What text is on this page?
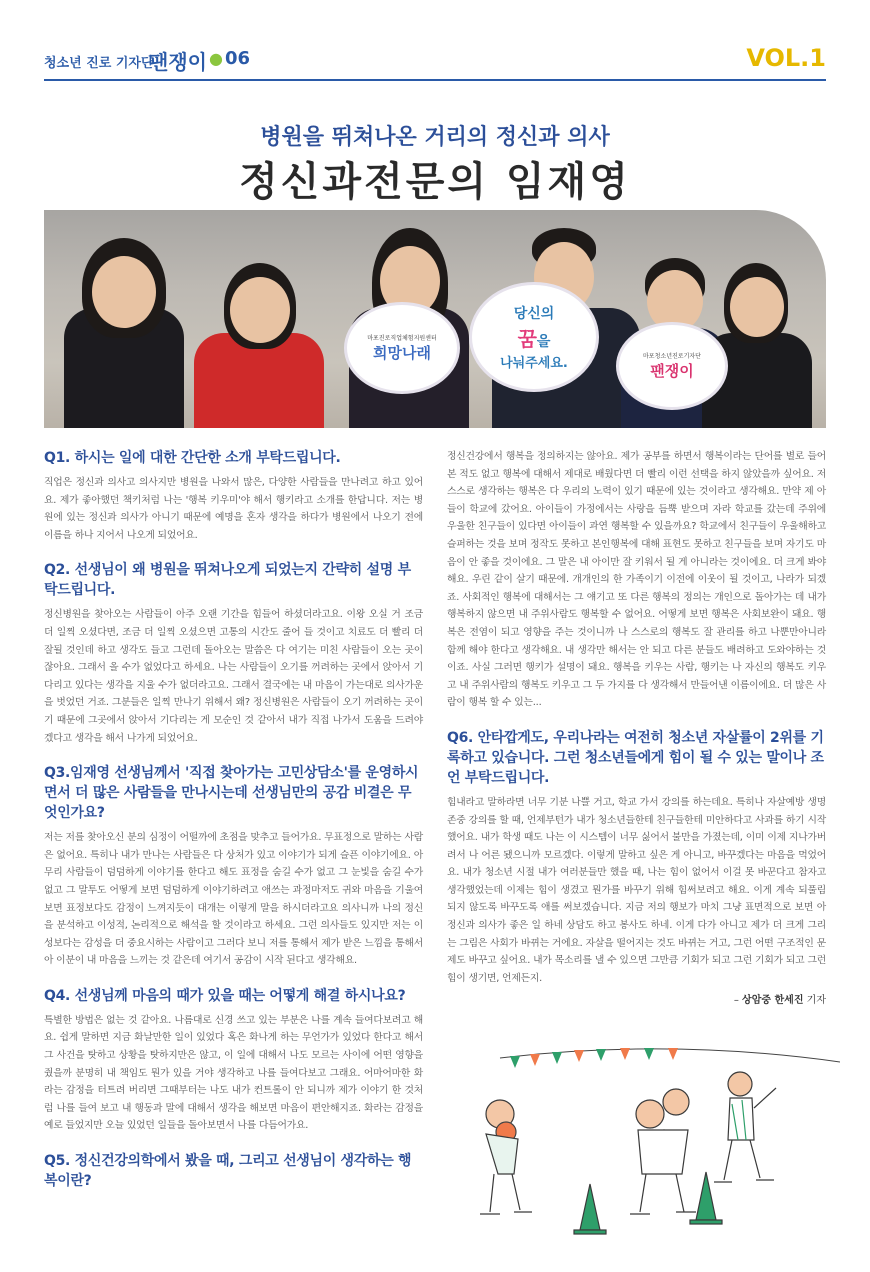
청소년 진로 기자단
팬쟁이 ● 06	VOL.1
병원을 뛰쳐나온 거리의 정신과 의사
정신과전문의 임재영
마포진로직업체험지원센터
희망나래
당신의
꿈을
나눠주세요.	마포청소년진로기자단
팬쟁이
Q1. 하시는 일에 대한 간단한 소개 부탁드립니다.
직업은 정신과 의사고 의사지만 병원을 나와서 많은, 다양한 사람들을 만나려고 하고 있어요. 제가 좋아했던 책키처럼 나는 '행복 키우미'야 해서 행키라고 소개를 한답니다. 저는 병원에 있는 정신과 의사가 아니기 때문에 예명을 혼자 생각을 하다가 병원에서 나오기 전에 이름을 하나 지어서 나오게 되었어요.
Q2. 선생님이 왜 병원을 뛰쳐나오게 되었는지 간략히 설명 부탁드립니다.
정신병원을 찾아오는 사람들이 아주 오랜 기간을 힘들어 하셨더라고요. 이왕 오실 거 조금 더 일찍 오셨다면, 조금 더 일찍 오셨으면 고통의 시간도 줄어 들 것이고 치료도 더 빨리 더 잘될 것인데 하고 생각도 들고 그런데 돌아오는 말씀은 다 여기는 미친 사람들이 오는 곳이잖아요. 그래서 올 수가 없었다고 하세요. 나는 사람들이 오기를 꺼려하는 곳에서 앉아서 기다리고 있다는 생각을 지울 수가 없더라고요. 그래서 결국에는 내 마음이 가는대로 의사가운을 벗었던 거죠. 그분들은 일찍 만나기 위해서 왜? 정신병원은 사람들이 오기 꺼려하는 곳이기 때문에 그곳에서 앉아서 기다리는 게 모순인 것 같아서 내가 직접 나가서 도움을 드려야겠다고 생각을 해서 나가게 되었어요.
Q3.임재영 선생님께서 '직접 찾아가는 고민상담소'를 운영하시면서 더 많은 사람들을 만나시는데 선생님만의 공감 비결은 무엇인가요?
저는 저를 찾아오신 분의 심정이 어떨까에 초점을 맞추고 들어가요. 무표정으로 말하는 사람은 없어요. 특히나 내가 만나는 사람들은 다 상처가 있고 이야기가 되게 슬픈 이야기에요. 아무리 사람들이 덤덤하게 이야기를 한다고 해도 표정을 숨길 수가 없고 그 눈빛을 숨길 수가 없고 그 말투도 어떻게 보면 덤덤하게 이야기하려고 애쓰는 과정마저도 귀와 마음을 기울여보면 표정보다도 감정이 느껴지듯이 대개는 이렇게 말을 하시더라고요 의사니까 나의 정신을 분석하고 이성적, 논리적으로 해석을 할 것이라고 하세요. 그런 의사들도 있지만 저는 이성보다는 감성을 더 중요시하는 사람이고 그러다 보니 저를 통해서 제가 받은 느낌을 통해서 아 이분이 내 마음을 느끼는 것 같은데 여기서 공감이 시작 된다고 생각해요.
Q4. 선생님께 마음의 때가 있을 때는 어떻게 해결 하시나요?
특별한 방법은 없는 것 같아요. 나름대로 신경 쓰고 있는 부분은 나를 계속 들여다보려고 해요. 쉽게 말하면 지금 화날만한 일이 있었다 혹은 화나게 하는 무언가가 있었다 한다고 해서 그 사건을 탓하고 상황을 탓하지만은 않고, 이 일에 대해서 나도 모르는 사이에 어떤 영향을 줬을까 분명히 내 책임도 뭔가 있을 거야 생각하고 나를 들여다보고 그래요. 어마어마한 화라는 감정을 터트려 버리면 그때부터는 나도 내가 컨트롤이 안 되니까 제가 이야기 한 것처럼 나를 들여 보고 내 행동과 말에 대해서 생각을 해보면 마음이 편안해지죠. 화라는 감정을 예로 들었지만 오늘 있었던 일들을 돌아보면서 나를 다듬어가요.
Q5. 정신건강의학에서 봤을 때, 그리고 선생님이 생각하는 행복이란?
정신건강에서 행복을 정의하지는 않아요. 제가 공부를 하면서 행복이라는 단어를 별로 들어본 적도 없고 행복에 대해서 제대로 배웠다면 더 빨리 이런 선택을 하지 않았을까 싶어요. 저 스스로 생각하는 행복은 다 우리의 노력이 있기 때문에 있는 것이라고 생각해요. 만약 제 아들이 학교에 갔어요. 아이들이 가정에서는 사랑을 듬뿍 받으며 자라 학교를 갔는데 주위에 우울한 친구들이 있다면 아이들이 과연 행복할 수 있을까요? 학교에서 친구들이 우울해하고 슬퍼하는 것을 보며 정작도 못하고 본인행복에 대해 표현도 못하고 친구들을 보며 자기도 마음이 안 좋을 것이에요. 그 말은 내 아이만 잘 키워서 될 게 아니라는 것이에요. 더 크게 봐야 해요. 우린 같이 살기 때문에. 개개인의 한 가족이기 이전에 이웃이 될 것이고, 나라가 되겠죠. 사회적인 행복에 대해서는 그 얘기고 또 다른 행복의 정의는 개인으로 돌아가는 데 내가 행복하지 않으면 내 주위사람도 행복할 수 없어요. 어떻게 보면 행복은 사회보완이 돼요. 행복은 전염이 되고 영향을 주는 것이니까 나 스스로의 행복도 잘 관리를 하고 나뿐만아니라 함께 해야 한다고 생각해요. 내 생각만 해서는 안 되고 다른 분들도 배려하고 도와야하는 것이죠. 사실 그러면 행키가 설명이 돼요. 행복을 키우는 사람, 행키는 나 자신의 행복도 키우고 내 주위사람의 행복도 키우고 그 두 가지를 다 생각해서 만들어낸 이름이에요. 더 많은 사람이 행복 할 수 있는...
Q6. 안타깝게도, 우리나라는 여전히 청소년 자살률이 2위를 기록하고 있습니다. 그런 청소년들에게 힘이 될 수 있는 말이나 조언 부탁드립니다.
힘내라고 말하라면 너무 기분 나쁠 거고, 학교 가서 강의를 하는데요. 특히나 자살예방 생명존중 강의를 할 때, 언제부턴가 내가 청소년들한테 친구들한테 미안하다고 사과를 하기 시작했어요. 내가 학생 때도 나는 이 시스템이 너무 싫어서 불만을 가졌는데, 이미 이제 지나가버려서 나 어른 됐으니까 모르겠다. 이렇게 말하고 싶은 게 아니고, 바꾸겠다는 마음을 먹었어요. 내가 청소년 시절 내가 여러분들만 했을 때, 나는 힘이 없어서 이걸 못 바꾼다고 참자고 생각했었는데 이제는 힘이 생겼고 뭔가를 바꾸기 위해 힘써보려고 해요. 이게 계속 되풀림 되지 않도록 바꾸도록 애를 써보겠습니다. 지금 저의 행보가 마치 그냥 표면적으로 보면 아 정신과 의사가 좋은 일 하네 상담도 하고 봉사도 하네. 이게 다가 아니고 제가 더 크게 그리는 그림은 사회가 바뀌는 거에요. 자살을 떨어지는 것도 바뀌는 거고, 그런 어떤 구조적인 문제도 바꾸고 싶어요. 내가 목소리를 낼 수 있으면 그만큼 기회가 되고 그런 기회가 되고 그런 힘이 생기면, 언제든지.
– 상암중 한세진 기자
